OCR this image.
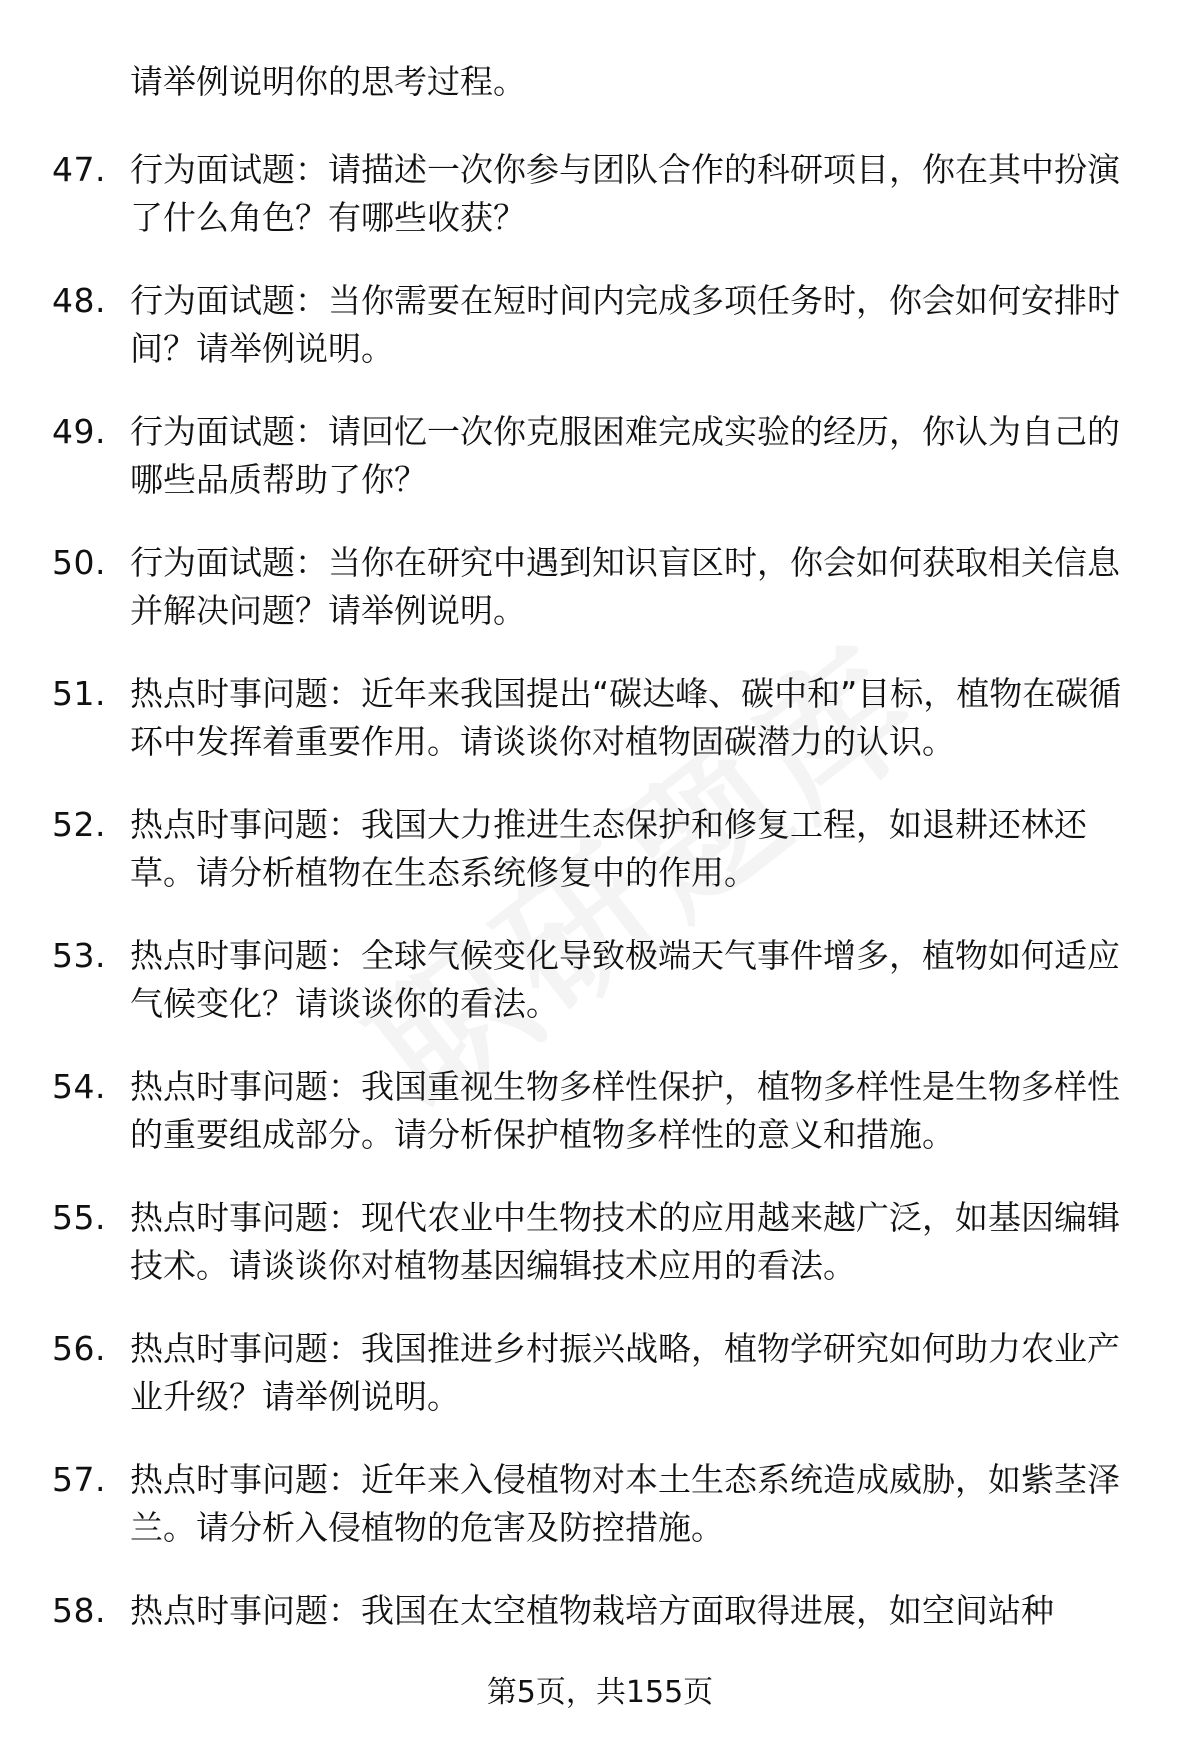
请举例说明你的思考过程。
47. 行为面试题：请描述一次你参与团队合作的科研项目，你在其中扮演了什么角色？有哪些收获？
48. 行为面试题：当你需要在短时间内完成多项任务时，你会如何安排时间？请举例说明。
49. 行为面试题：请回忆一次你克服困难完成实验的经历，你认为自己的哪些品质帮助了你？
50. 行为面试题：当你在研究中遇到知识盲区时，你会如何获取相关信息并解决问题？请举例说明。
51. 热点时事问题：近年来我国提出“碳达峰、碳中和”目标，植物在碳循环中发挥着重要作用。请谈谈你对植物固碳潜力的认识。
52. 热点时事问题：我国大力推进生态保护和修复工程，如退耕还林还草。请分析植物在生态系统修复中的作用。
53. 热点时事问题：全球气候变化导致极端天气事件增多，植物如何适应气候变化？请谈谈你的看法。
54. 热点时事问题：我国重视生物多样性保护，植物多样性是生物多样性的重要组成部分。请分析保护植物多样性的意义和措施。
55. 热点时事问题：现代农业中生物技术的应用越来越广泛，如基因编辑技术。请谈谈你对植物基因编辑技术应用的看法。
56. 热点时事问题：我国推进乡村振兴战略，植物学研究如何助力农业产业升级？请举例说明。
57. 热点时事问题：近年来入侵植物对本土生态系统造成威胁，如紫茎泽兰。请分析入侵植物的危害及防控措施。
58. 热点时事问题：我国在太空植物栽培方面取得进展，如空间站种
第5页，共155页
